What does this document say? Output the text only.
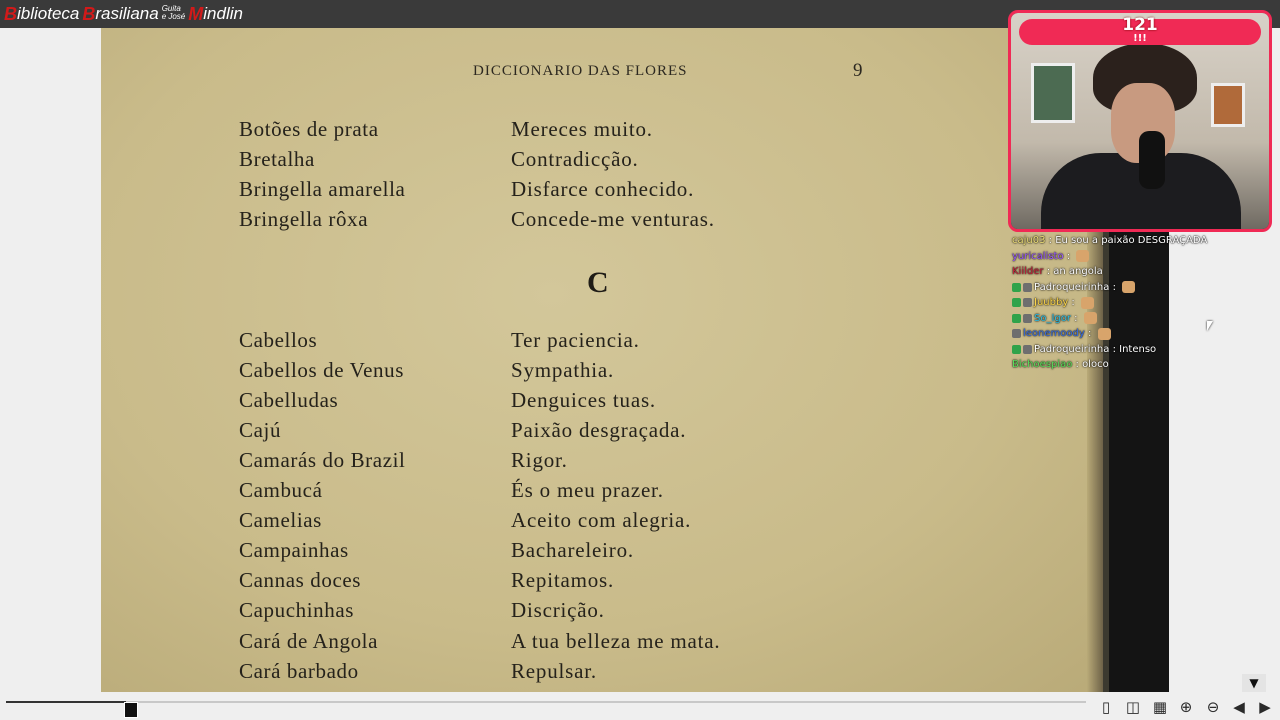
B iblioteca B rasiliana Guita
e José M indlin
DICCIONARIO DAS FLORES	9
C
Botões de prata	Mereces muito.
Bretalha	Contradicção.
Bringella amarella	Disfarce conhecido.
Bringella rôxa	Concede-me venturas.
Cabellos	Ter paciencia.
Cabellos de Venus	Sympathia.
Cabelludas	Denguices tuas.
Cajú	Paixão desgraçada.
Camarás do Brazil	Rigor.
Cambucá	És o meu prazer.
Camelias	Aceito com alegria.
Campainhas	Bachareleiro.
Cannas doces	Repitamos.
Capuchinhas	Discrição.
Cará de Angola	A tua belleza me mata.
Cará barbado	Repulsar.
121
!!!
caju03 : Eu sou a paixão DESGRAÇADA
yuricalisto :
Kiilder : an angola
Padroqueirinha :
Juubby :
So_Igor :
leonemoody :
Padroqueirinha : Intenso
Bichoespiao : oloco
▼
▯	◫ ▦ ⊕ ⊖ ◀ ▶
